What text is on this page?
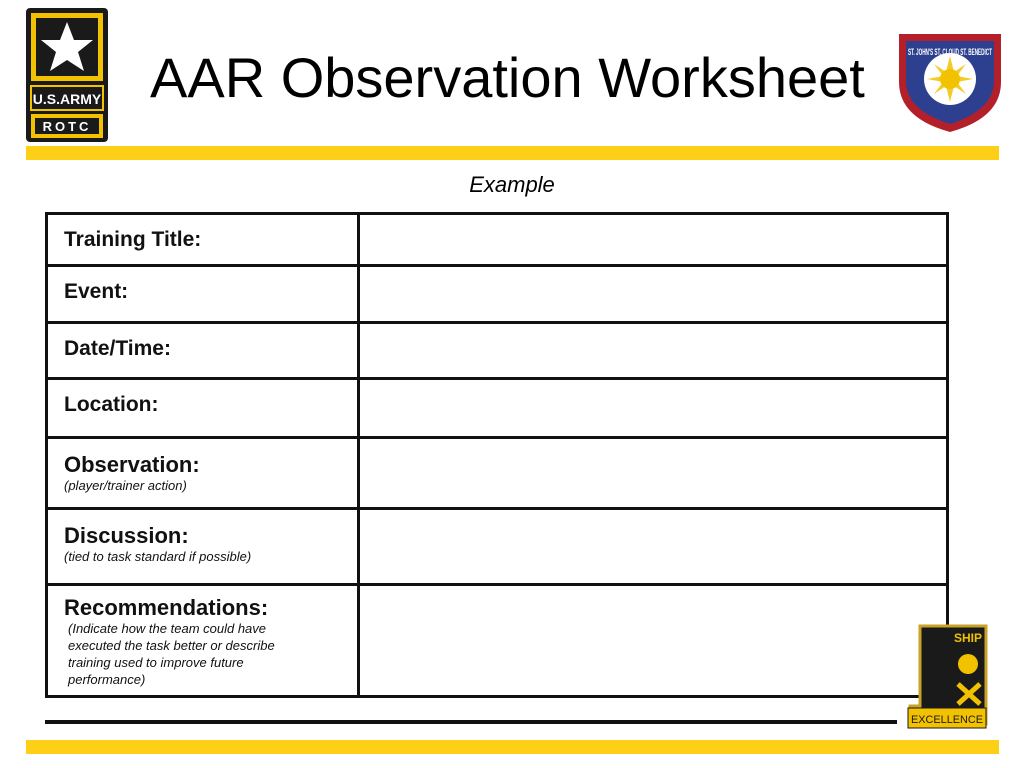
U.S.ARMY
ROTC
AAR Observation Worksheet	ST. JOHN'S ST. CLOUD ST. BENEDICT
Example
Training Title:	

Event:	

Date/Time:	

Location:	

Observation:
(player/trainer action)	

Discussion:
(tied to task standard if possible)	

Recommendations:
(Indicate how the team could have executed the task better or describe training used to improve future performance)	

SHIP
EXCELLENCE
